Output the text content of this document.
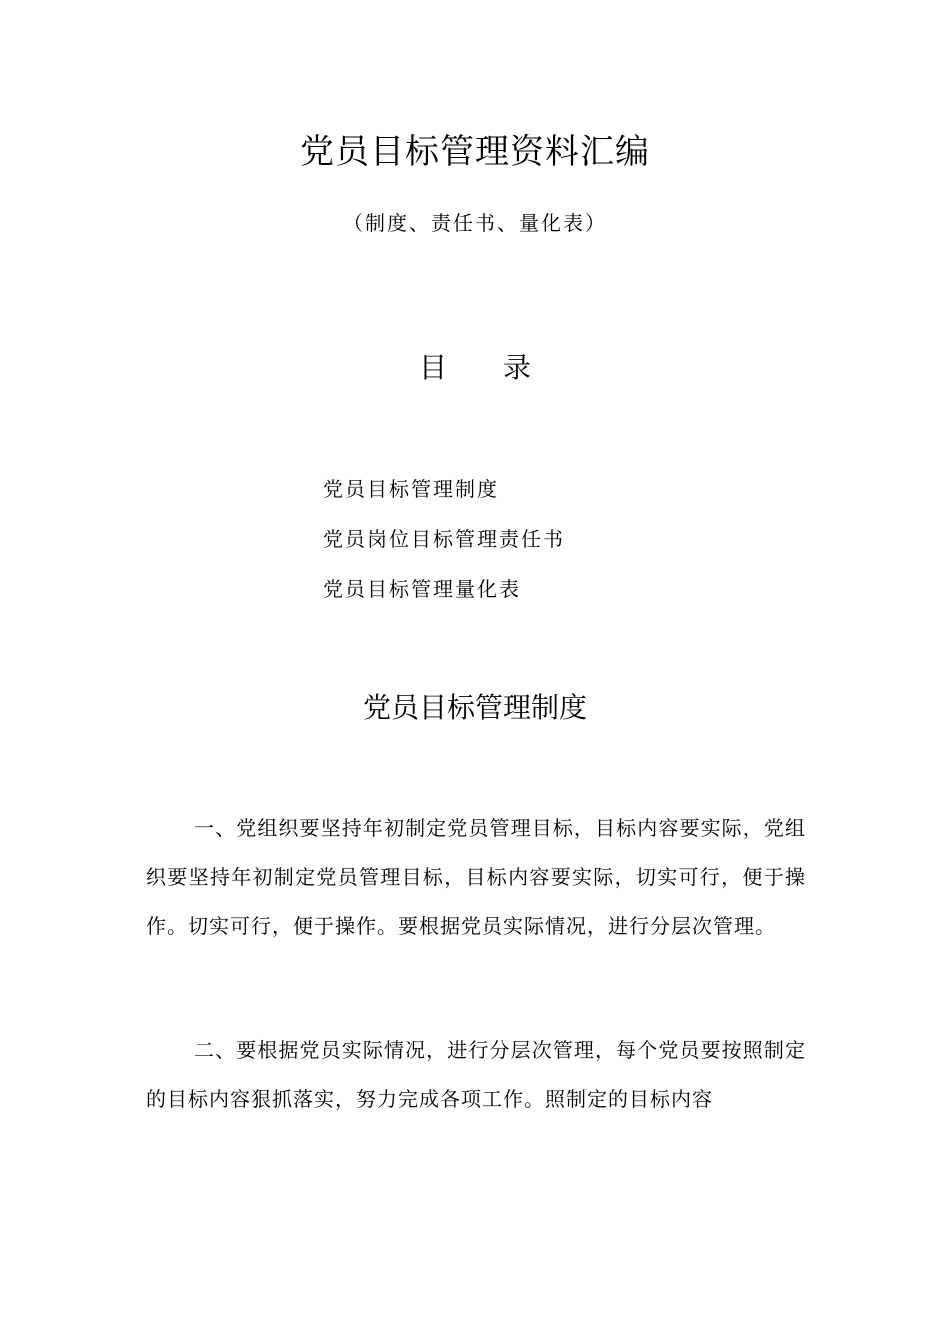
党员目标管理资料汇编
（制度、责任书、量化表）
目 录
党员目标管理制度
党员岗位目标管理责任书
党员目标管理量化表
党员目标管理制度

一、党组织要坚持年初制定党员管理目标，目标内容要实际，党组织要坚持年初制定党员管理目标，目标内容要实际，切实可行，便于操作。切实可行，便于操作。要根据党员实际情况，进行分层次管理。

二、要根据党员实际情况，进行分层次管理，每个党员要按照制定的目标内容狠抓落实，努力完成各项工作。照制定的目标内容
